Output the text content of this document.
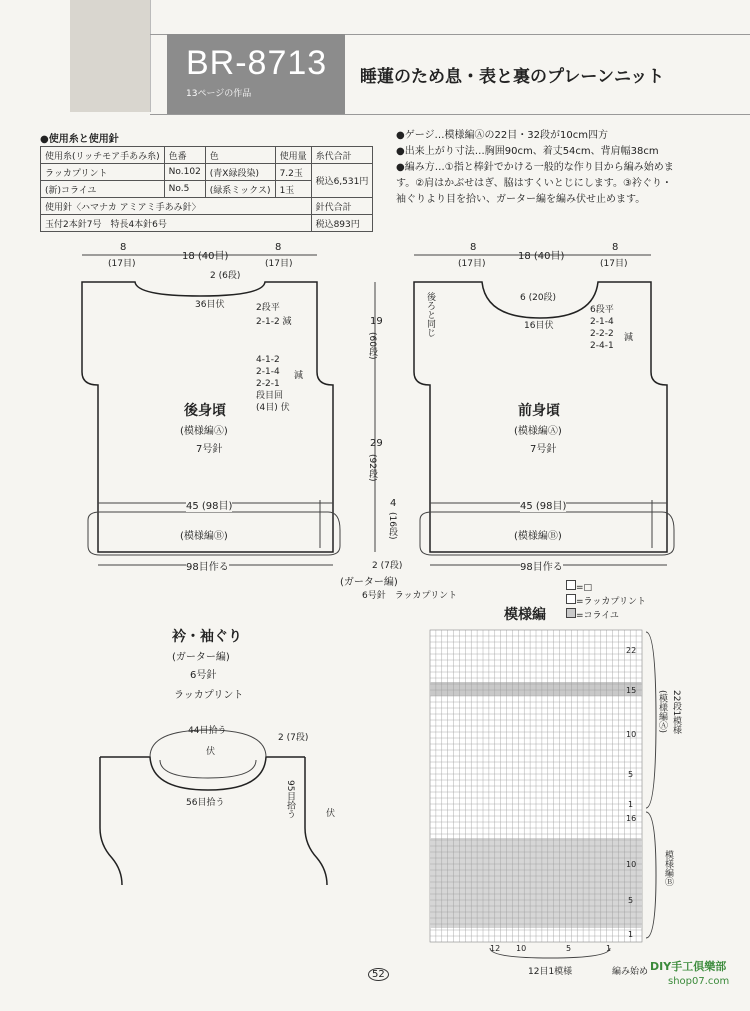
BR-8713
13ページの作品
睡蓮のため息・表と裏のプレーンニット
●使用糸と使用針
使用糸(リッチモア手あみ糸)	色番	色	使用量	糸代合計
ラッカプリント	No.102	(青X緑段染)	7.2玉	税込6,531円
(新)コライユ	No.5	(緑系ミックス)	1玉	
使用針〈ハマナカ アミアミ手あみ針〉				針代合計
玉付2本針7号　特長4本針6号				税込893円
●ゲージ…模様編Ⓐの22目・32段が10cm四方
●出来上がり寸法…胸囲90cm、着丈54cm、背肩幅38cm
●編み方…①指と棒針でかける一般的な作り目から編み始めま
す。②肩はかぶせはぎ、脇はすくいとじにします。③衿ぐり・
袖ぐりより目を拾い、ガーター編を編み伏せ止めます。
8
(17目)
18 (40目)
8
(17目)
2 (6段)
36目伏	2段平
2-1-2 減
4-1-2
2-1-4
2-2-1
段目回
(4目) 伏
減
後身頃
(模様編Ⓐ)
7号針
45 (98目)
(模様編Ⓑ)
98目作る
19
(60段)
29
(92段)
4
(16段)
2 (7段)
(ガーター編)
6号針　ラッカプリント
8
(17目)
18 (40目)
8
(17目)
6 (20段)
16目伏
6段平
2-1-4
2-2-2
2-4-1
減
後ろと同じ
前身頃
(模様編Ⓐ)
7号針
45 (98目)
(模様編Ⓑ)
98目作る
衿・袖ぐり
(ガーター編)
6号針
ラッカプリント
44目拾う
伏
56目拾う
2 (7段)
95目拾う	伏
模様編
=□
=ラッカプリント
=コライユ
22
15
10
5
1
16
10
5
1
22段1模様
(模様編Ⓐ)
模様編Ⓑ
12 10	5	1
12目1模様	編み始め
52
DIY手工俱樂部
shop07.com
